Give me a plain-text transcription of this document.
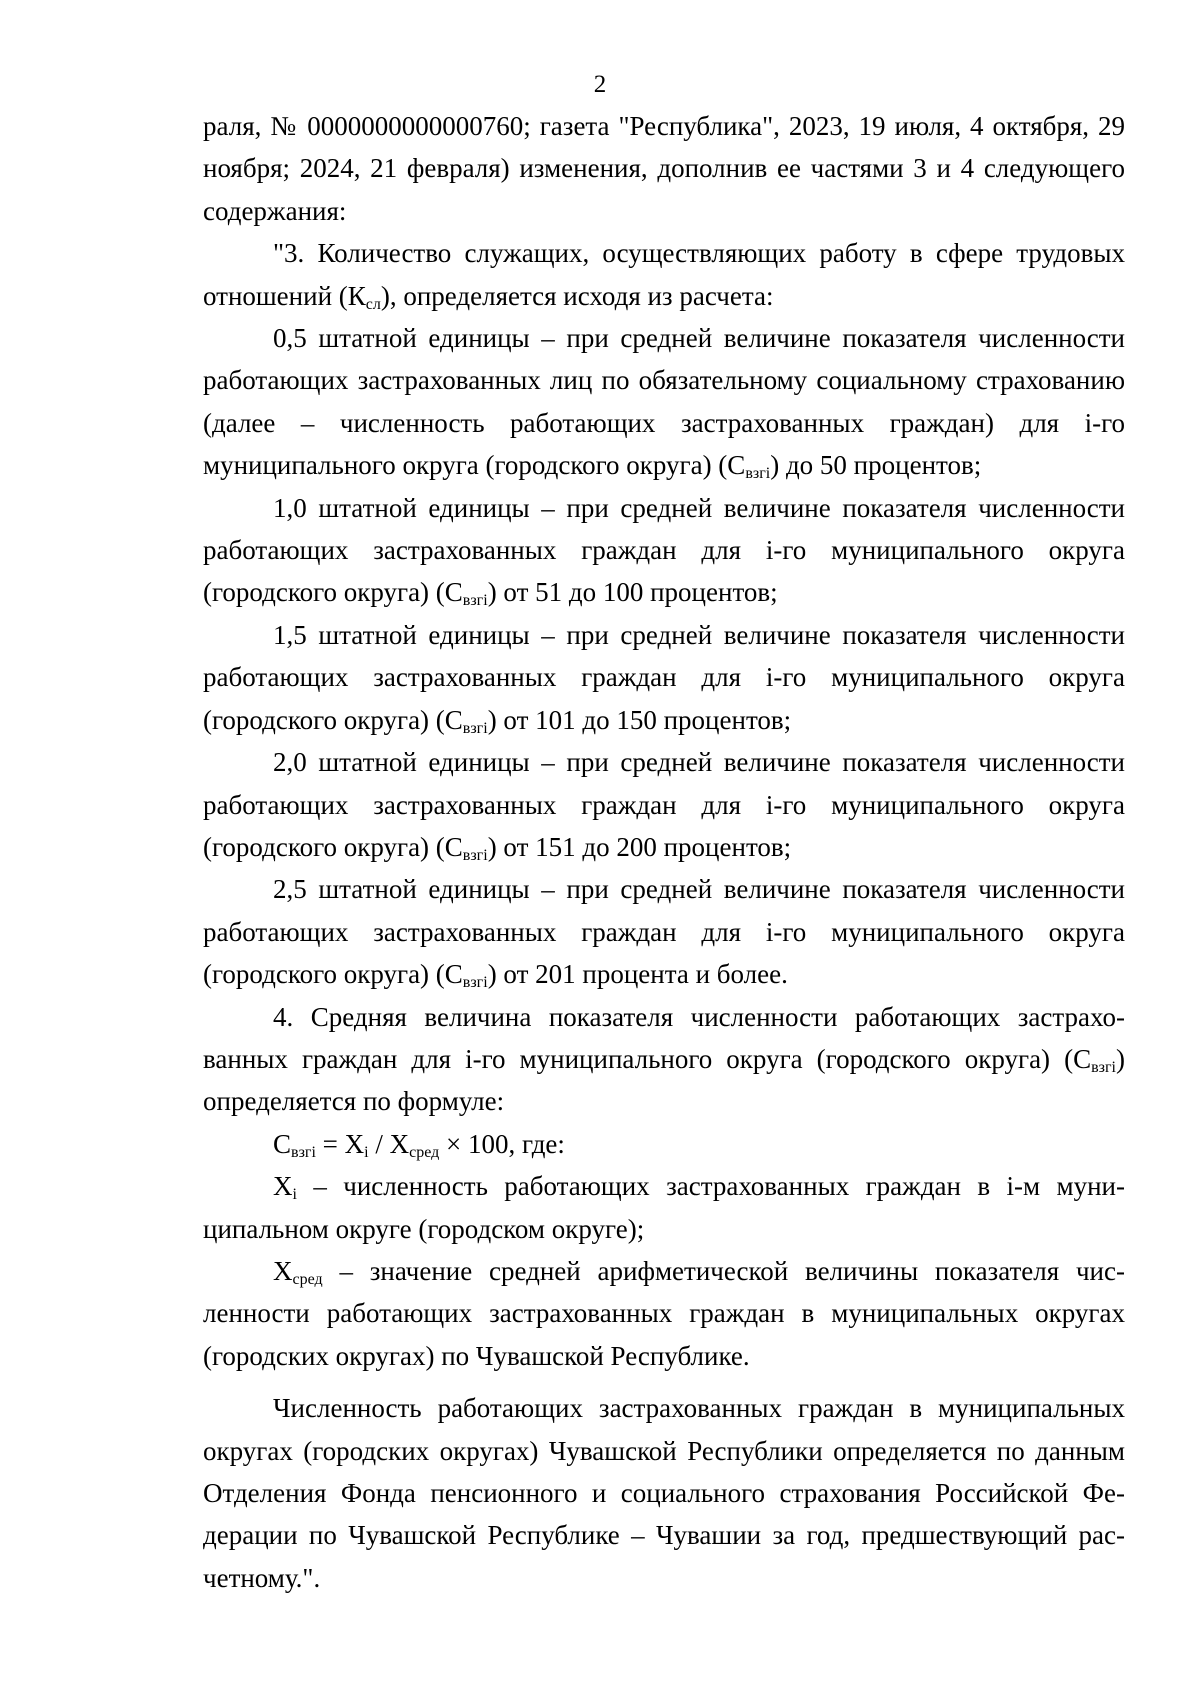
2

раля, № 0000000000000760; газета "Республика", 2023, 19 июля, 4 октября, 29 ноября; 2024, 21 февраля) изменения, дополнив ее частями 3 и 4 следующего содержания:

"3. Количество служащих, осуществляющих работу в сфере трудовых отношений $(К_{сл})$, определяется исходя из расчета:

0,5 штатной единицы – при средней величине показателя численности работающих застрахованных лиц по обязательному социальному страхованию (далее – численность работающих застрахованных граждан) для i-го муниципального округа (городского округа) $(С_{взгi})$ до 50 процентов;

1,0 штатной единицы – при средней величине показателя численности работающих застрахованных граждан для i-го муниципального округа (городского округа) $(С_{взгi})$ от 51 до 100 процентов;

1,5 штатной единицы – при средней величине показателя численности работающих застрахованных граждан для i-го муниципального округа (городского округа) $(С_{взгi})$ от 101 до 150 процентов;

2,0 штатной единицы – при средней величине показателя численности работающих застрахованных граждан для i-го муниципального округа (городского округа) $(С_{взгi})$ от 151 до 200 процентов;

2,5 штатной единицы – при средней величине показателя численности работающих застрахованных граждан для i-го муниципального округа (городского округа) $(С_{взгi})$ от 201 процента и более.

4. Средняя величина показателя численности работающих застрахованных граждан для i-го муниципального округа (городского округа) $(С_{взгi})$ определяется по формуле:

$С_{взгi} = X_i / X_{сред} \times 100$, где:

$X_i$ – численность работающих застрахованных граждан в i-м муниципальном округе (городском округе);

$X_{сред}$ – значение средней арифметической величины показателя численности работающих застрахованных граждан в муниципальных округах (городских округах) по Чувашской Республике.

Численность работающих застрахованных граждан в муниципальных округах (городских округах) Чувашской Республики определяется по данным Отделения Фонда пенсионного и социального страхования Российской Федерации по Чувашской Республике – Чувашии за год, предшествующий расчетному.".
